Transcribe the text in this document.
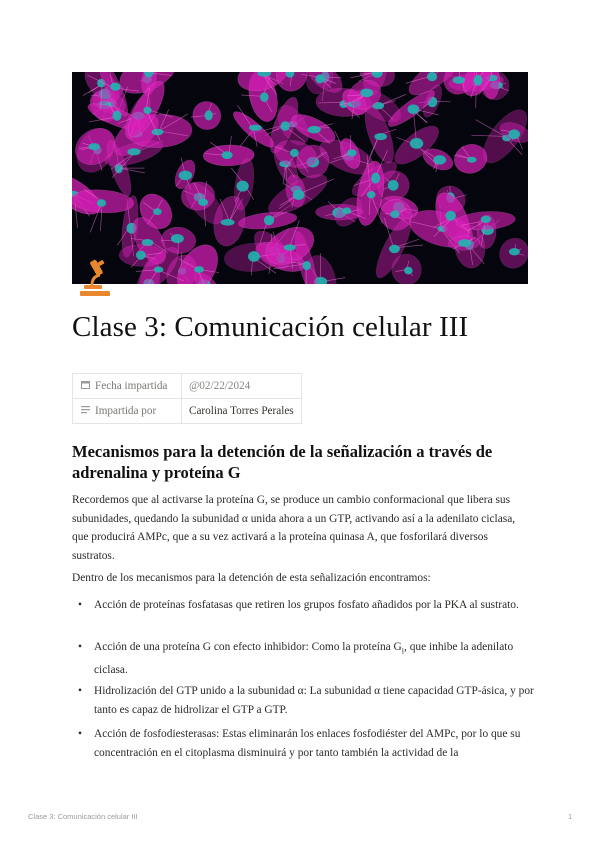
Clase 3: Comunicación celular III
Fecha impartida	@02/22/2024
Impartida por	Carolina Torres Perales
Mecanismos para la detención de la señalización a través de adrenalina y proteína G

Recordemos que al activarse la proteína G, se produce un cambio conformacional que libera sus subunidades, quedando la subunidad α unida ahora a un GTP, activando así a la adenilato ciclasa, que producirá AMPc, que a su vez activará a la proteína quinasa A, que fosforilará diversos sustratos.

Dentro de los mecanismos para la detención de esta señalización encontramos:

• Acción de proteínas fosfatasas que retiren los grupos fosfato añadidos por la PKA al sustrato.

• Acción de una proteína G con efecto inhibidor: Como la proteína $G_i$, que inhibe la adenilato ciclasa.

• Hidrolización del GTP unido a la subunidad α: La subunidad α tiene capacidad GTP-ásica, y por tanto es capaz de hidrolizar el GTP a GTP.

• Acción de fosfodiesterasas: Estas eliminarán los enlaces fosfodiéster del AMPc, por lo que su concentración en el citoplasma disminuirá y por tanto también la actividad de la

Clase 3: Comunicación celular III	1
